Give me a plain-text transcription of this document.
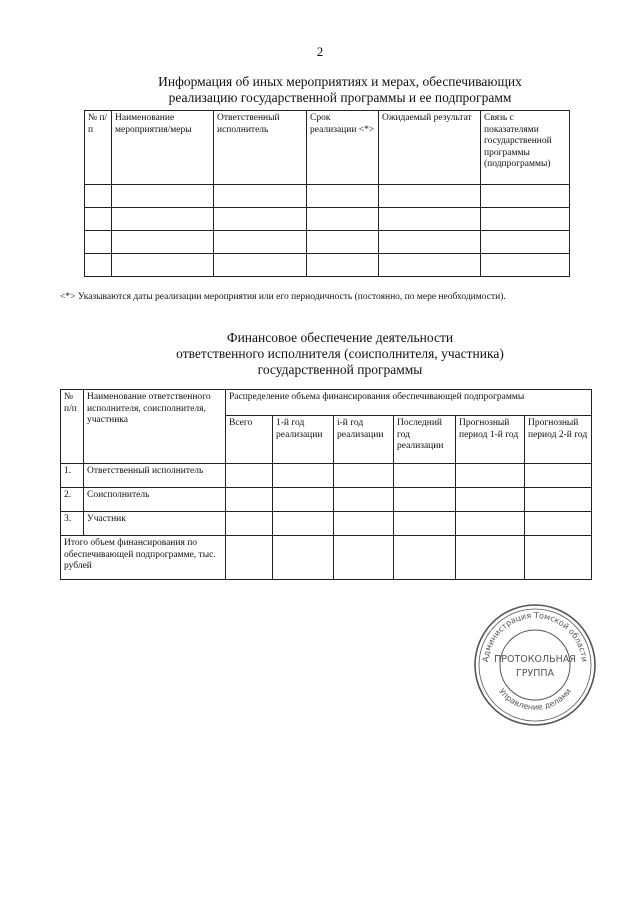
2
Информация об иных мероприятиях и мерах, обеспечивающих
реализацию государственной программы и ее подпрограмм
№ п/п	Наименование мероприятия/меры	Ответственный исполнитель	Срок реализации <*>	Ожидаемый результат	Связь с показателями государственной программы (подпрограммы)

<*> Указываются даты реализации мероприятия или его периодичность (постоянно, по мере необходимости).
Финансовое обеспечение деятельности
ответственного исполнителя (соисполнителя, участника)
государственной программы
№ п/п	Наименование ответственного исполнителя, соисполнителя, участника	Распределение объема финансирования обеспечивающей подпрограммы					
		Всего	1-й год реализации	i-й год реализации	Последний год реализации	Прогнозный период 1-й год	Прогнозный период 2-й год
1.	Ответственный исполнитель						
2.	Соисполнитель						
3.	Участник						
Итого объем финансирования по обеспечивающей подпрограмме, тыс. рублей							
Администрация Томской области
Управление делами
ПРОТОКОЛЬНАЯ
ГРУППА
